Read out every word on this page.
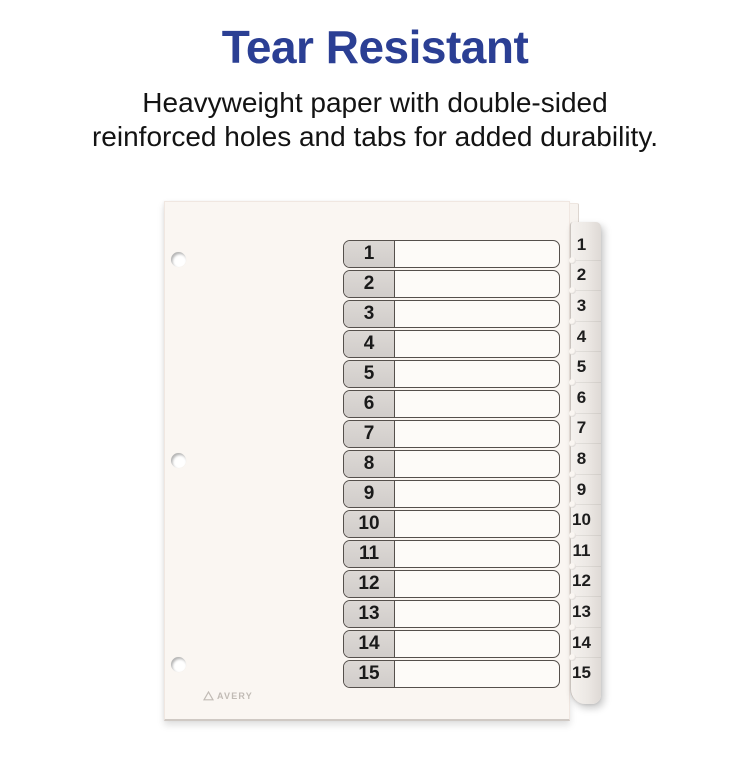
Tear Resistant

Heavyweight paper with double-sided
reinforced holes and tabs for added durability.

1
2
3
4
5
6
7
8
9
10
11
12
13
14
15
AVERY
1
2
3
4
5
6
7
8
9
10
11
12
13
14
15
